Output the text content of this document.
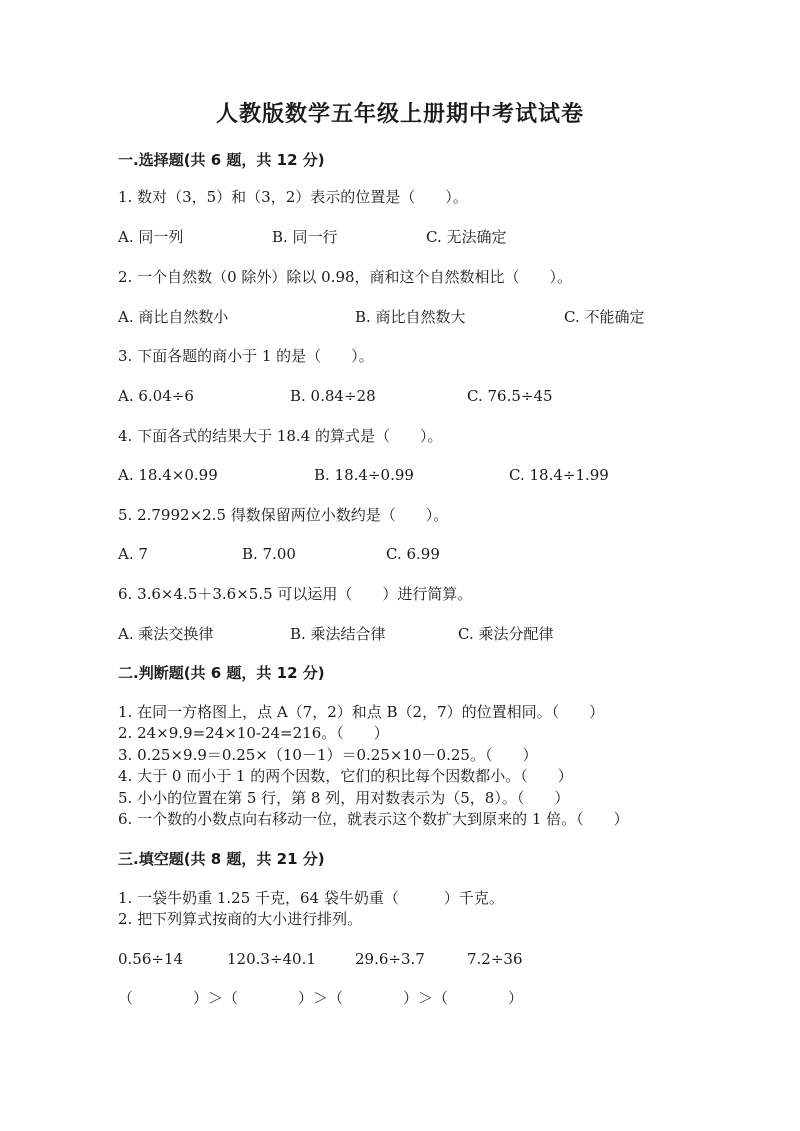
人教版数学五年级上册期中考试试卷
一.选择题(共 6 题，共 12 分)
1. 数对（3，5）和（3，2）表示的位置是（　　）。
A. 同一列	B. 同一行	C. 无法确定
2. 一个自然数（0 除外）除以 0.98，商和这个自然数相比（　　）。
A. 商比自然数小	B. 商比自然数大	C. 不能确定
3. 下面各题的商小于 1 的是（　　）。
A. 6.04÷6	B. 0.84÷28	C. 76.5÷45
4. 下面各式的结果大于 18.4 的算式是（　　）。
A. 18.4×0.99	B. 18.4÷0.99	C. 18.4÷1.99
5. 2.7992×2.5 得数保留两位小数约是（　　）。
A. 7	B. 7.00	C. 6.99
6. 3.6×4.5＋3.6×5.5 可以运用（　　）进行简算。
A. 乘法交换律	B. 乘法结合律	C. 乘法分配律
二.判断题(共 6 题，共 12 分)
1. 在同一方格图上，点 A（7，2）和点 B（2，7）的位置相同。（　　）
2. 24×9.9=24×10-24=216。（　　）
3. 0.25×9.9＝0.25×（10－1）＝0.25×10－0.25。（　　）
4. 大于 0 而小于 1 的两个因数，它们的积比每个因数都小。（　　）
5. 小小的位置在第 5 行，第 8 列，用对数表示为（5，8）。（　　）
6. 一个数的小数点向右移动一位，就表示这个数扩大到原来的 1 倍。（　　）
三.填空题(共 8 题，共 21 分)
1. 一袋牛奶重 1.25 千克，64 袋牛奶重（　　　）千克。
2. 把下列算式按商的大小进行排列。
0.56÷14	120.3÷40.1	29.6÷3.7	7.2÷36
（　　　　）＞（　　　　）＞（　　　　）＞（　　　　）
